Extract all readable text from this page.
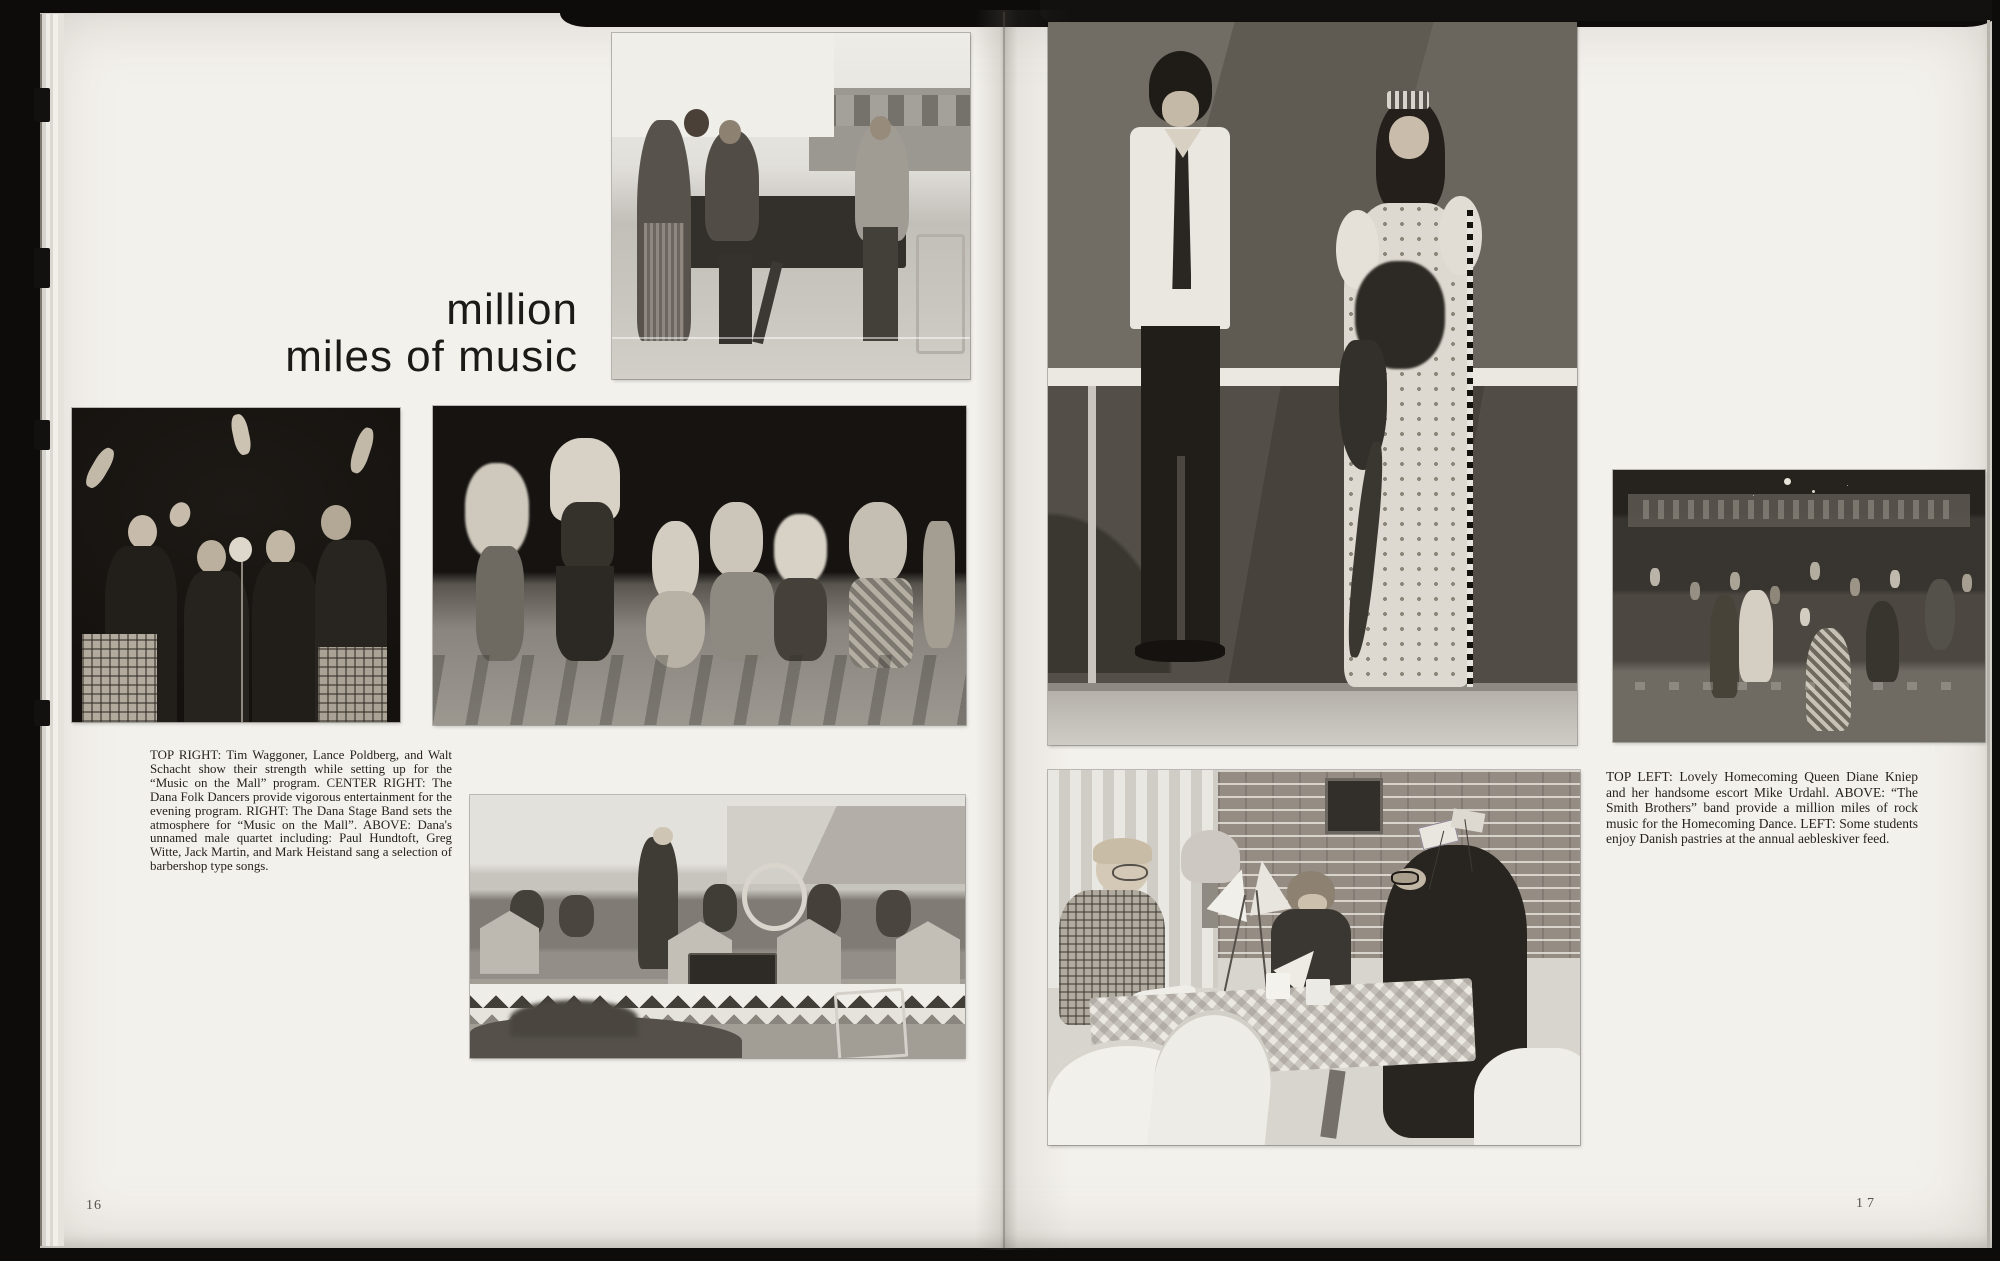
million
miles of music
TOP RIGHT: Tim Waggoner, Lance Poldberg, and Walt Schacht show their strength while setting up for the “Music on the Mall” program. CENTER RIGHT: The Dana Folk Dancers provide vigorous entertainment for the evening program. RIGHT: The Dana Stage Band sets the atmosphere for “Music on the Mall”. ABOVE: Dana's unnamed male quartet including: Paul Hundtoft, Greg Witte, Jack Martin, and Mark Heistand sang a selection of barbershop type songs.
16
TOP LEFT: Lovely Homecoming Queen Diane Kniep and her handsome escort Mike Urdahl. ABOVE: “The Smith Brothers” band provide a million miles of rock music for the Homecoming Dance. LEFT: Some students enjoy Danish pastries at the annual aebleskiver feed.
17
